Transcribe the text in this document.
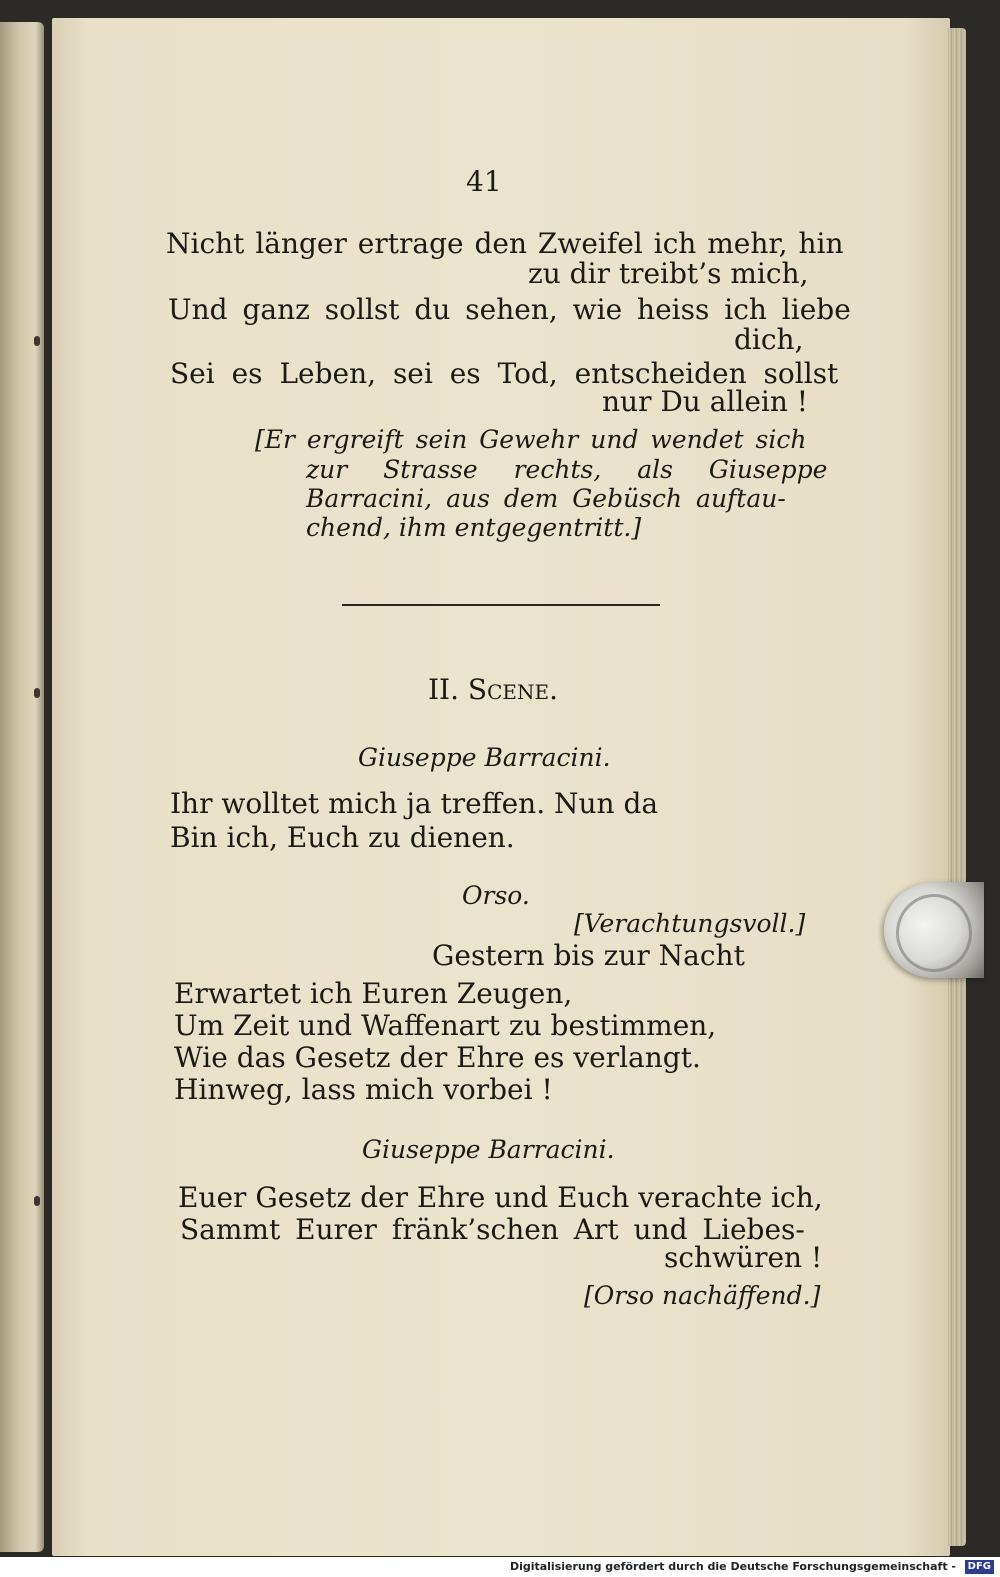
41
Nicht länger ertrage den Zweifel ich mehr, hin
zu dir treibt’s mich,
Und ganz sollst du sehen, wie heiss ich liebe
dich,
Sei es Leben, sei es Tod, entscheiden sollst
nur Du allein !
[Er ergreift sein Gewehr und wendet sich
zur Strasse rechts, als Giuseppe
Barracini, aus dem Gebüsch auftau-
chend, ihm entgegentritt.]
II. Scene.
Giuseppe Barracini.
Ihr wolltet mich ja treffen. Nun da
Bin ich, Euch zu dienen.
Orso.
[Verachtungsvoll.]
Gestern bis zur Nacht
Erwartet ich Euren Zeugen,
Um Zeit und Waffenart zu bestimmen,
Wie das Gesetz der Ehre es verlangt.
Hinweg, lass mich vorbei !
Giuseppe Barracini.
Euer Gesetz der Ehre und Euch verachte ich,
Sammt Eurer fränk’schen Art und Liebes-
schwüren !
[Orso nachäffend.]
Digitalisierung gefördert durch die Deutsche Forschungsgemeinschaft -	DFG
